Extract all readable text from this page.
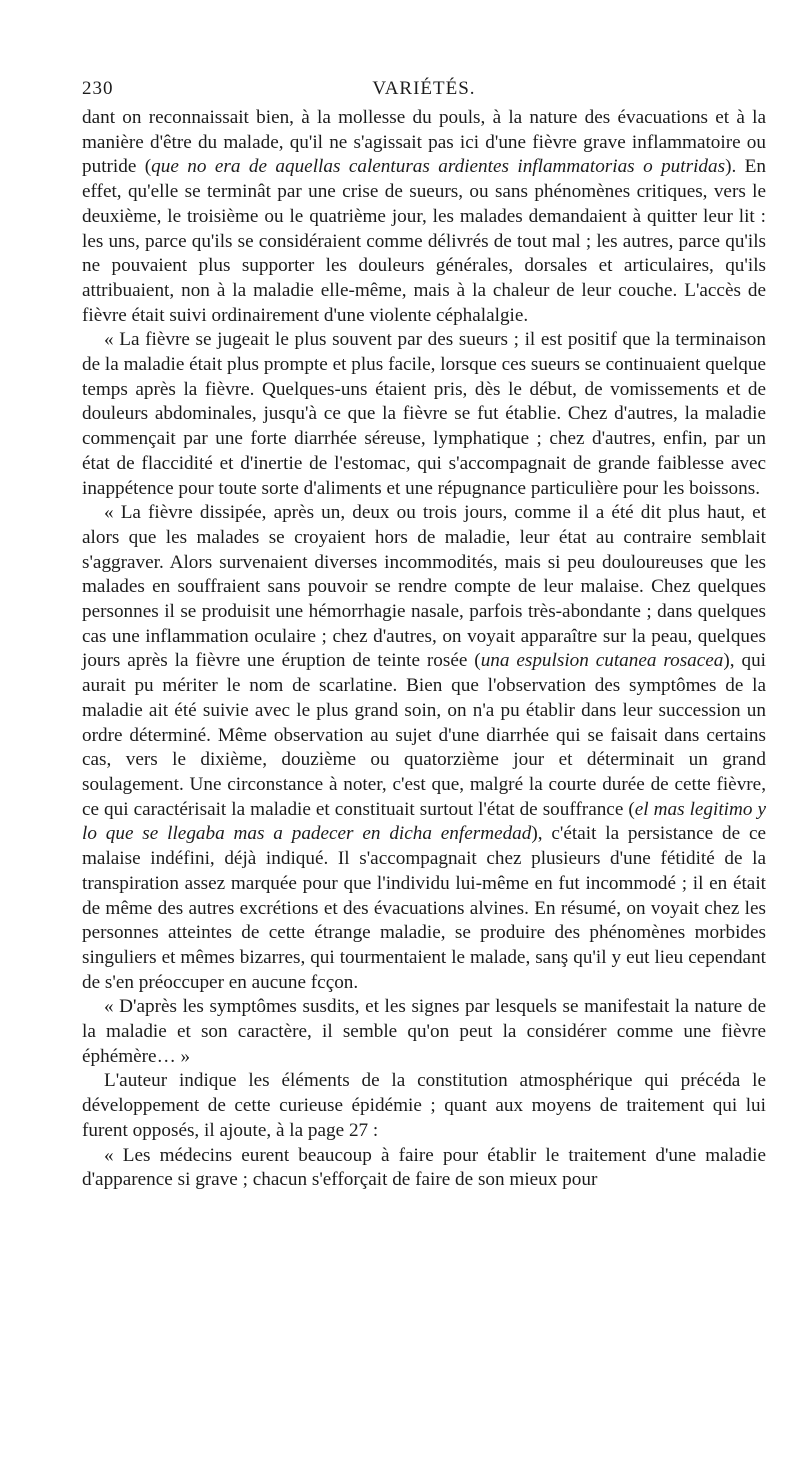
230	VARIÉTÉS.

dant on reconnaissait bien, à la mollesse du pouls, à la nature des évacuations et à la manière d'être du malade, qu'il ne s'agissait pas ici d'une fièvre grave inflammatoire ou putride (que no era de aquellas calenturas ardientes inflammatorias o putridas). En effet, qu'elle se terminât par une crise de sueurs, ou sans phénomènes critiques, vers le deuxième, le troisième ou le quatrième jour, les malades demandaient à quitter leur lit : les uns, parce qu'ils se considéraient comme délivrés de tout mal ; les autres, parce qu'ils ne pouvaient plus supporter les douleurs générales, dorsales et articulaires, qu'ils attribuaient, non à la maladie elle-même, mais à la chaleur de leur couche. L'accès de fièvre était suivi ordinairement d'une violente céphalalgie.

« La fièvre se jugeait le plus souvent par des sueurs ; il est positif que la terminaison de la maladie était plus prompte et plus facile, lorsque ces sueurs se continuaient quelque temps après la fièvre. Quelques-uns étaient pris, dès le début, de vomissements et de douleurs abdominales, jusqu'à ce que la fièvre se fut établie. Chez d'autres, la maladie commençait par une forte diarrhée séreuse, lymphatique ; chez d'autres, enfin, par un état de flaccidité et d'inertie de l'estomac, qui s'accompagnait de grande faiblesse avec inappétence pour toute sorte d'aliments et une répugnance particulière pour les boissons.

« La fièvre dissipée, après un, deux ou trois jours, comme il a été dit plus haut, et alors que les malades se croyaient hors de maladie, leur état au contraire semblait s'aggraver. Alors survenaient diverses incommodités, mais si peu douloureuses que les malades en souffraient sans pouvoir se rendre compte de leur malaise. Chez quelques personnes il se produisit une hémorrhagie nasale, parfois très-abondante ; dans quelques cas une inflammation oculaire ; chez d'autres, on voyait apparaître sur la peau, quelques jours après la fièvre une éruption de teinte rosée (una espulsion cutanea rosacea), qui aurait pu mériter le nom de scarlatine. Bien que l'observation des symptômes de la maladie ait été suivie avec le plus grand soin, on n'a pu établir dans leur succession un ordre déterminé. Même observation au sujet d'une diarrhée qui se faisait dans certains cas, vers le dixième, douzième ou quatorzième jour et déterminait un grand soulagement. Une circonstance à noter, c'est que, malgré la courte durée de cette fièvre, ce qui caractérisait la maladie et constituait surtout l'état de souffrance (el mas legitimo y lo que se llegaba mas a padecer en dicha enfermedad), c'était la persistance de ce malaise indéfini, déjà indiqué. Il s'accompagnait chez plusieurs d'une fétidité de la transpiration assez marquée pour que l'individu lui-même en fut incommodé ; il en était de même des autres excrétions et des évacuations alvines. En résumé, on voyait chez les personnes atteintes de cette étrange maladie, se produire des phénomènes morbides singuliers et mêmes bizarres, qui tourmentaient le malade, sanş qu'il y eut lieu cependant de s'en préoccuper en aucune fcçon.

« D'après les symptômes susdits, et les signes par lesquels se manifestait la nature de la maladie et son caractère, il semble qu'on peut la considérer comme une fièvre éphémère… »

L'auteur indique les éléments de la constitution atmosphérique qui précéda le développement de cette curieuse épidémie ; quant aux moyens de traitement qui lui furent opposés, il ajoute, à la page 27 :

« Les médecins eurent beaucoup à faire pour établir le traitement d'une maladie d'apparence si grave ; chacun s'efforçait de faire de son mieux pour
